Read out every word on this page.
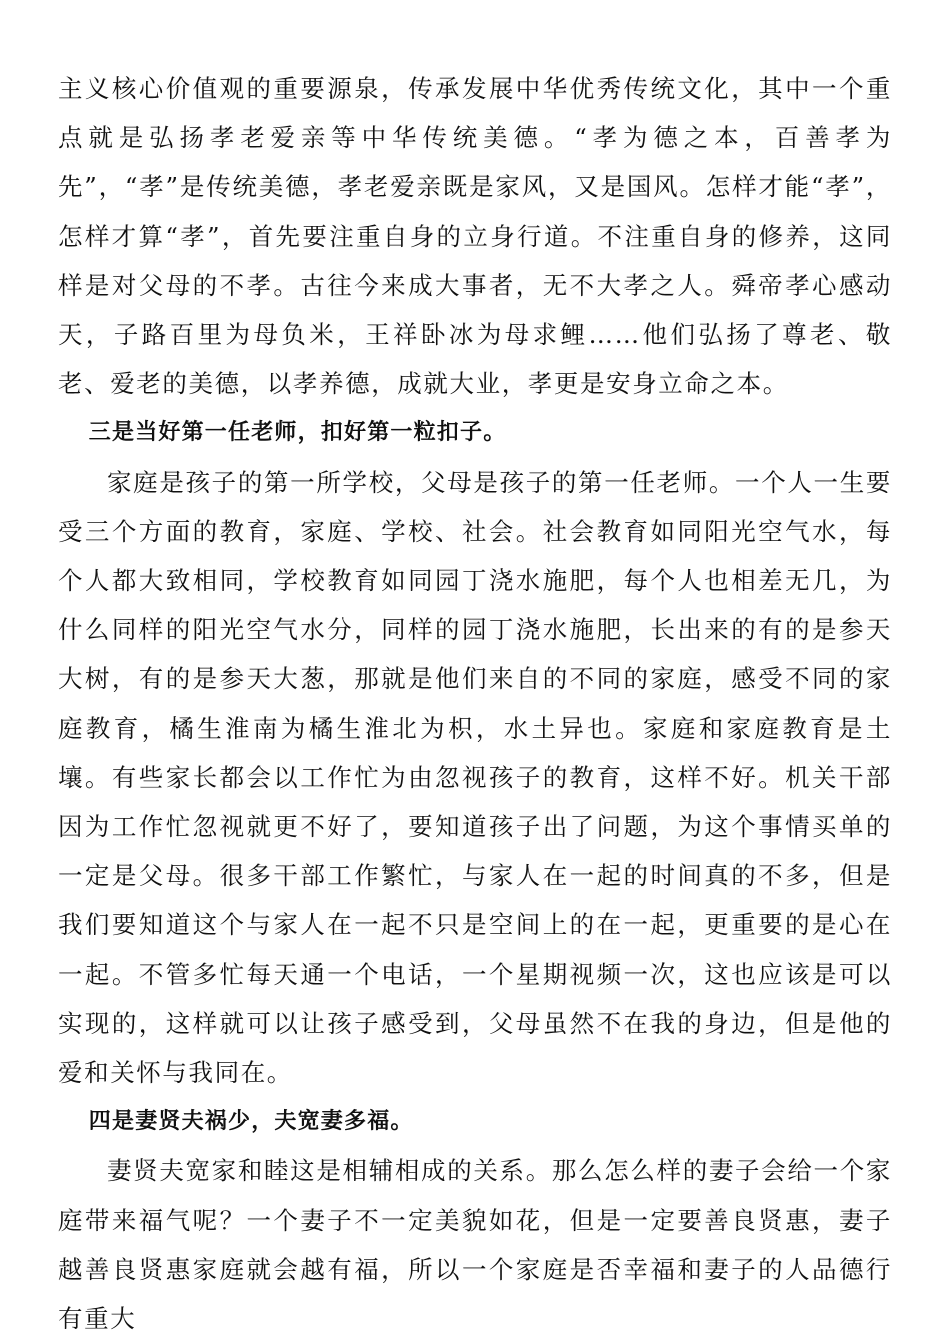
主义核心价值观的重要源泉，传承发展中华优秀传统文化，其中一个重点就是弘扬孝老爱亲等中华传统美德。“孝为德之本，百善孝为先”，“孝”是传统美德，孝老爱亲既是家风，又是国风。怎样才能“孝”，怎样才算“孝”，首先要注重自身的立身行道。不注重自身的修养，这同样是对父母的不孝。古往今来成大事者，无不大孝之人。舜帝孝心感动天，子路百里为母负米，王祥卧冰为母求鲤……他们弘扬了尊老、敬老、爱老的美德，以孝养德，成就大业，孝更是安身立命之本。

三是当好第一任老师，扣好第一粒扣子。

家庭是孩子的第一所学校，父母是孩子的第一任老师。一个人一生要受三个方面的教育，家庭、学校、社会。社会教育如同阳光空气水，每个人都大致相同，学校教育如同园丁浇水施肥，每个人也相差无几，为什么同样的阳光空气水分，同样的园丁浇水施肥，长出来的有的是参天大树，有的是参天大葱，那就是他们来自的不同的家庭，感受不同的家庭教育，橘生淮南为橘生淮北为枳，水土异也。家庭和家庭教育是土壤。有些家长都会以工作忙为由忽视孩子的教育，这样不好。机关干部因为工作忙忽视就更不好了，要知道孩子出了问题，为这个事情买单的一定是父母。很多干部工作繁忙，与家人在一起的时间真的不多，但是我们要知道这个与家人在一起不只是空间上的在一起，更重要的是心在一起。不管多忙每天通一个电话，一个星期视频一次，这也应该是可以实现的，这样就可以让孩子感受到，父母虽然不在我的身边，但是他的爱和关怀与我同在。

四是妻贤夫祸少，夫宽妻多福。

妻贤夫宽家和睦这是相辅相成的关系。那么怎么样的妻子会给一个家庭带来福气呢？一个妻子不一定美貌如花，但是一定要善良贤惠，妻子越善良贤惠家庭就会越有福，所以一个家庭是否幸福和妻子的人品德行有重大
